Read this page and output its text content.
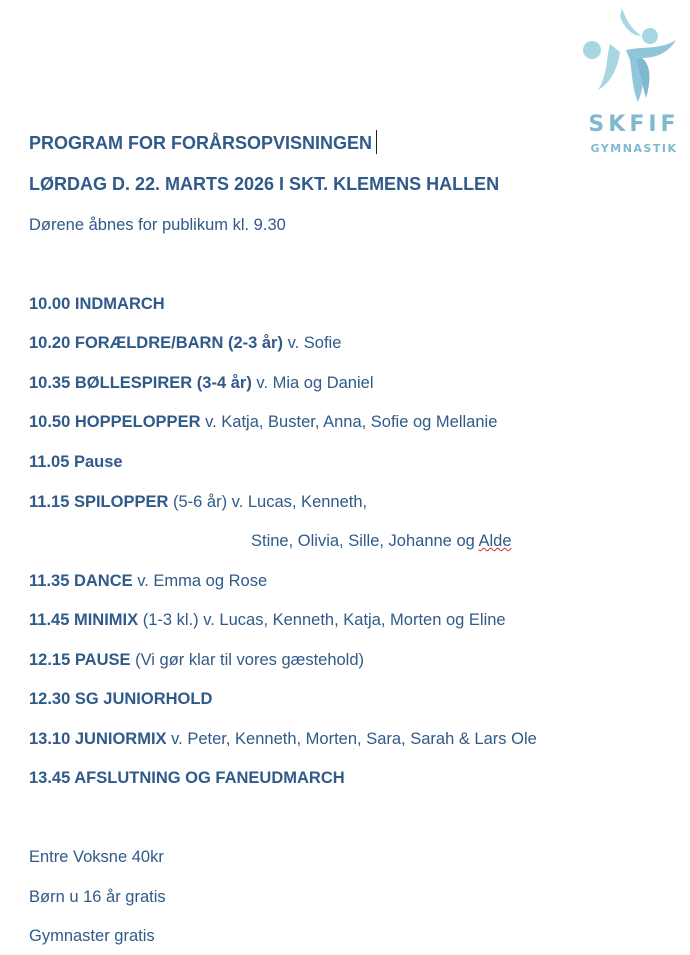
SKFIF
GYMNASTIK
PROGRAM FOR FORÅRSOPVISNINGEN
LØRDAG D. 22. MARTS 2026 I SKT. KLEMENS HALLEN
Dørene åbnes for publikum kl. 9.30
10.00 INDMARCH
10.20 FORÆLDRE/BARN (2-3 år) v. Sofie
10.35 BØLLESPIRER (3-4 år) v. Mia og Daniel
10.50 HOPPELOPPER v. Katja, Buster, Anna, Sofie og Mellanie
11.05 Pause
11.15 SPILOPPER (5-6 år) v. Lucas, Kenneth,
Stine, Olivia, Sille, Johanne og Alde
11.35 DANCE v. Emma og Rose
11.45 MINIMIX (1-3 kl.) v. Lucas, Kenneth, Katja, Morten og Eline
12.15 PAUSE (Vi gør klar til vores gæstehold)
12.30 SG JUNIORHOLD
13.10 JUNIORMIX v. Peter, Kenneth, Morten, Sara, Sarah & Lars Ole
13.45 AFSLUTNING OG FANEUDMARCH
Entre Voksne 40kr
Børn u 16 år gratis
Gymnaster gratis
